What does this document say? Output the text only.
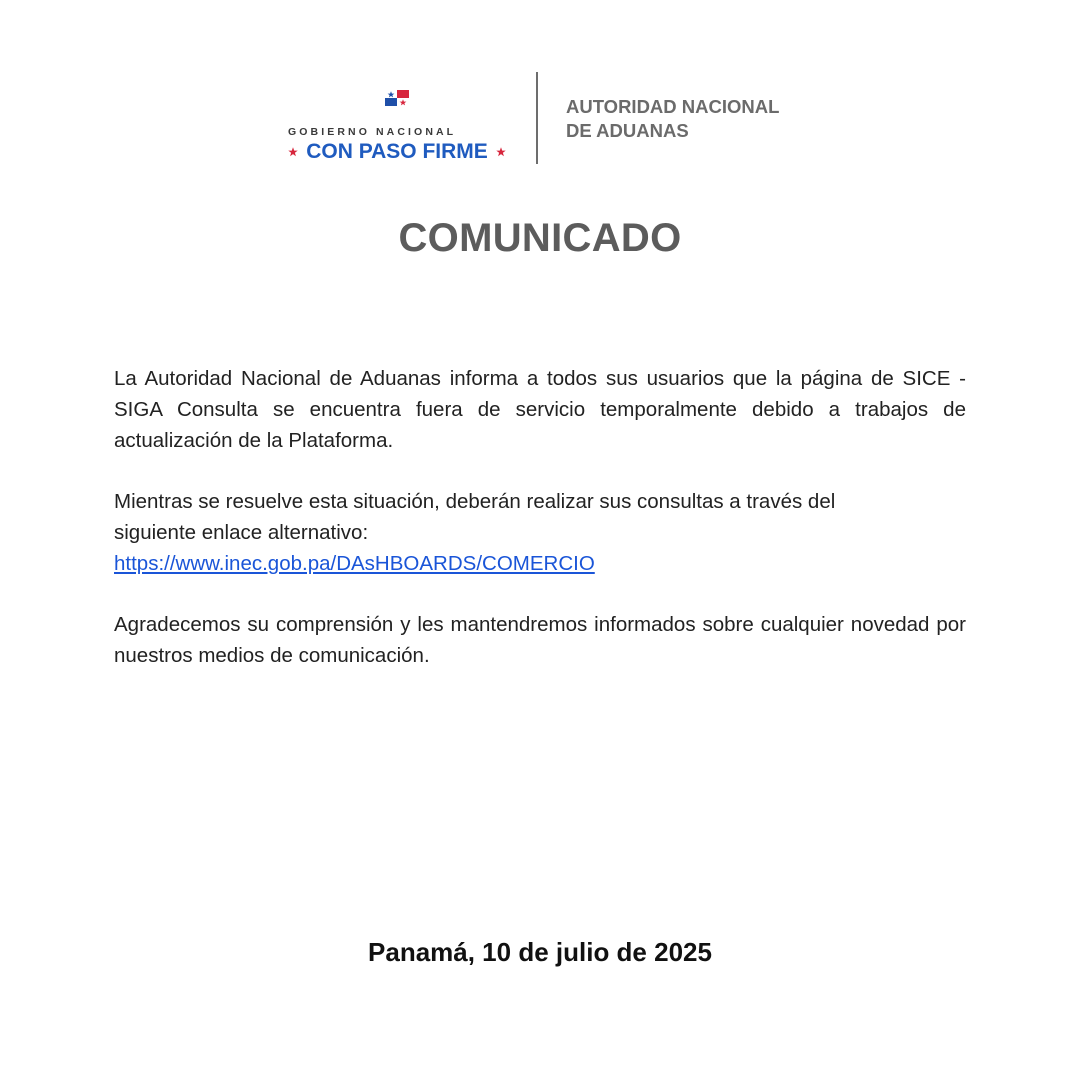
GOBIERNO NACIONAL
CON PASO FIRME
AUTORIDAD NACIONAL
DE ADUANAS
COMUNICADO

La Autoridad Nacional de Aduanas informa a todos sus usuarios que la página de SICE - SIGA Consulta se encuentra fuera de servicio temporalmente debido a trabajos de actualización de la Plataforma.

Mientras se resuelve esta situación, deberán realizar sus consultas a través del
siguiente enlace alternativo:
https://www.inec.gob.pa/DAsHBOARDS/COMERCIO

Agradecemos su comprensión y les mantendremos informados sobre cualquier novedad por nuestros medios de comunicación.

Panamá, 10 de julio de 2025
